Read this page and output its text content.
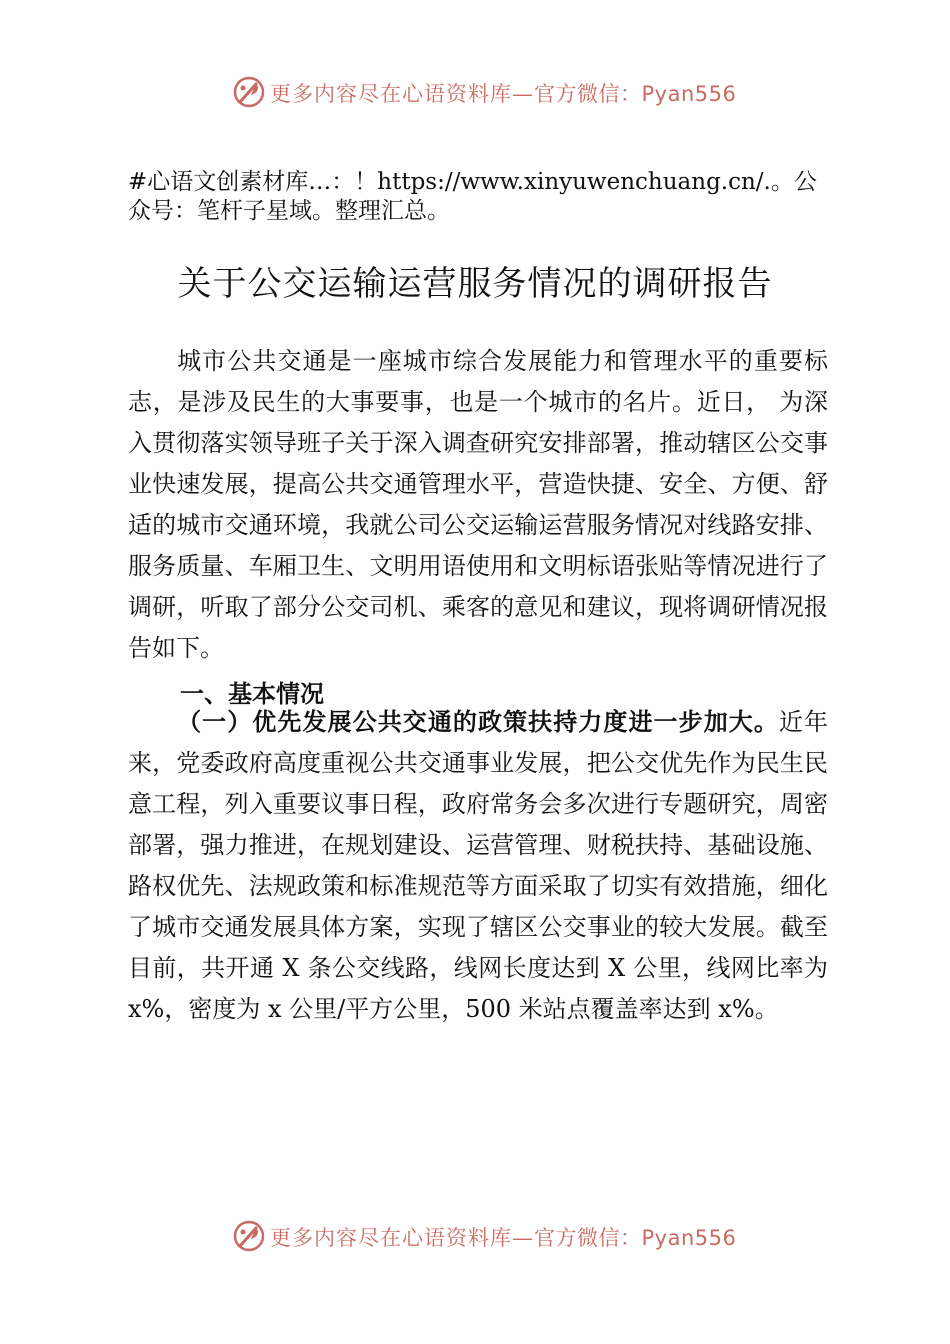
更多内容尽在心语资料库—官方微信：Pyan556
#心语文创素材库…：！https://www.xinyuwenchuang.cn/.。公众号：笔杆子星域。整理汇总。
关于公交运输运营服务情况的调研报告
城市公共交通是一座城市综合发展能力和管理水平的重要标志，是涉及民生的大事要事，也是一个城市的名片。近日， 为深入贯彻落实领导班子关于深入调查研究安排部署，推动辖区公交事业快速发展，提高公共交通管理水平，营造快捷、安全、方便、舒适的城市交通环境，我就公司公交运输运营服务情况对线路安排、服务质量、车厢卫生、文明用语使用和文明标语张贴等情况进行了调研，听取了部分公交司机、乘客的意见和建议，现将调研情况报告如下。
一、基本情况
（一）优先发展公共交通的政策扶持力度进一步加大。近年来，党委政府高度重视公共交通事业发展，把公交优先作为民生民意工程，列入重要议事日程，政府常务会多次进行专题研究，周密部署，强力推进，在规划建设、运营管理、财税扶持、基础设施、路权优先、法规政策和标准规范等方面采取了切实有效措施，细化了城市交通发展具体方案，实现了辖区公交事业的较大发展。截至目前，共开通 X 条公交线路，线网长度达到 X 公里，线网比率为 x%，密度为 x 公里/平方公里，500 米站点覆盖率达到 x%。
更多内容尽在心语资料库—官方微信：Pyan556
